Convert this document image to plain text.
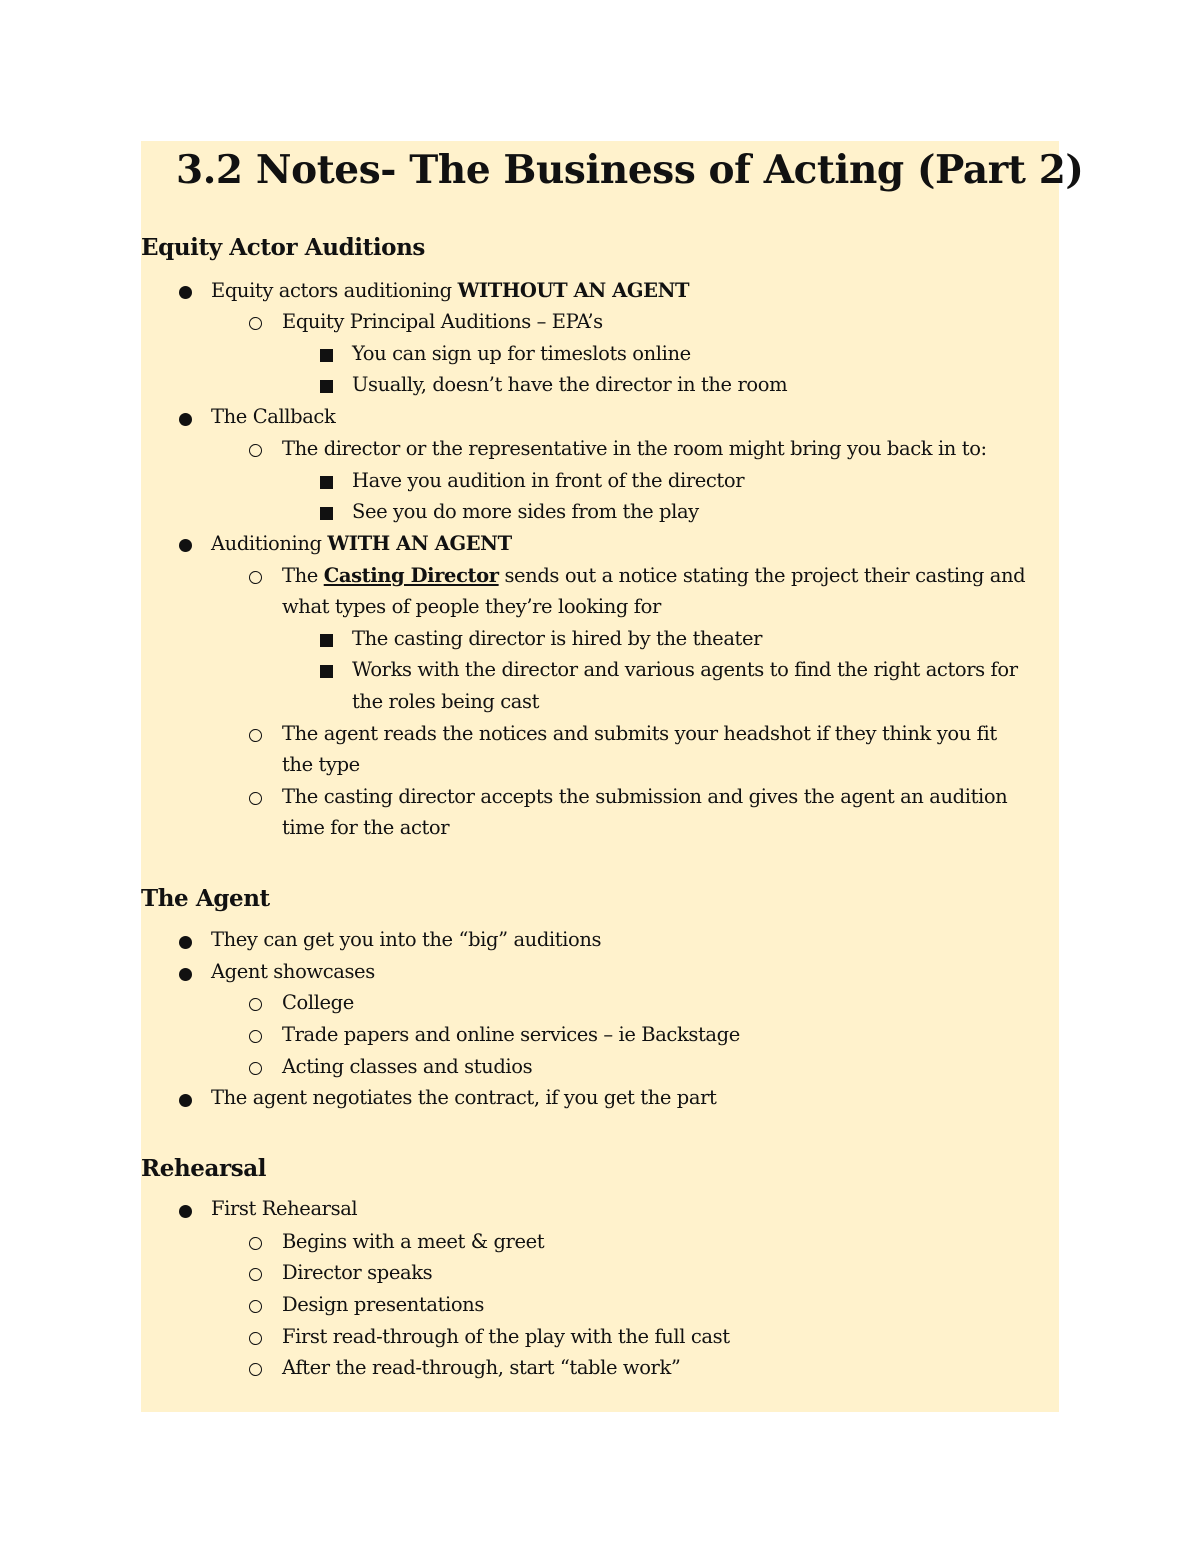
3.2 Notes- The Business of Acting (Part 2)
Equity Actor Auditions
Equity actors auditioning WITHOUT AN AGENT
Equity Principal Auditions – EPA’s
You can sign up for timeslots online
Usually, doesn’t have the director in the room
The Callback
The director or the representative in the room might bring you back in to:
Have you audition in front of the director
See you do more sides from the play
Auditioning WITH AN AGENT
The Casting Director sends out a notice stating the project their casting and
what types of people they’re looking for
The casting director is hired by the theater
Works with the director and various agents to find the right actors for
the roles being cast
The agent reads the notices and submits your headshot if they think you fit
the type
The casting director accepts the submission and gives the agent an audition
time for the actor
The Agent
They can get you into the “big” auditions
Agent showcases
College
Trade papers and online services – ie Backstage
Acting classes and studios
The agent negotiates the contract, if you get the part
Rehearsal
First Rehearsal
Begins with a meet & greet
Director speaks
Design presentations
First read-through of the play with the full cast
After the read-through, start “table work”
